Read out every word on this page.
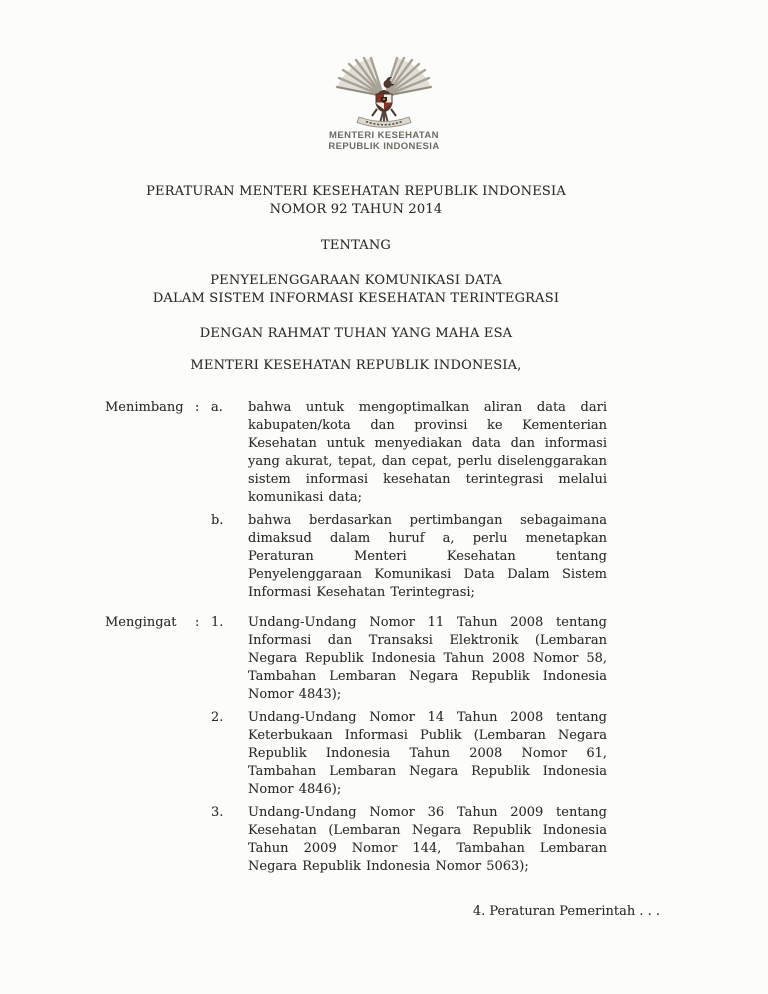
MENTERI KESEHATAN
REPUBLIK INDONESIA
PERATURAN MENTERI KESEHATAN REPUBLIK INDONESIA
NOMOR 92 TAHUN 2014
TENTANG
PENYELENGGARAAN KOMUNIKASI DATA
DALAM SISTEM INFORMASI KESEHATAN TERINTEGRASI
DENGAN RAHMAT TUHAN YANG MAHA ESA
MENTERI KESEHATAN REPUBLIK INDONESIA,
Menimbang : a.	bahwa untuk mengoptimalkan aliran data dari kabupaten/kota dan provinsi ke Kementerian Kesehatan untuk menyediakan data dan informasi yang akurat, tepat, dan cepat, perlu diselenggarakan sistem informasi kesehatan terintegrasi melalui komunikasi data;
b.	bahwa berdasarkan pertimbangan sebagaimana dimaksud dalam huruf a, perlu menetapkan Peraturan Menteri Kesehatan tentang Penyelenggaraan Komunikasi Data Dalam Sistem Informasi Kesehatan Terintegrasi;
Mengingat	: 1.	Undang-Undang Nomor 11 Tahun 2008 tentang Informasi dan Transaksi Elektronik (Lembaran Negara Republik Indonesia Tahun 2008 Nomor 58, Tambahan Lembaran Negara Republik Indonesia Nomor 4843);
2.	Undang-Undang Nomor 14 Tahun 2008 tentang Keterbukaan Informasi Publik (Lembaran Negara Republik Indonesia Tahun 2008 Nomor 61, Tambahan Lembaran Negara Republik Indonesia Nomor 4846);
3.	Undang-Undang Nomor 36 Tahun 2009 tentang Kesehatan (Lembaran Negara Republik Indonesia Tahun 2009 Nomor 144, Tambahan Lembaran Negara Republik Indonesia Nomor 5063);
4. Peraturan Pemerintah . . .
